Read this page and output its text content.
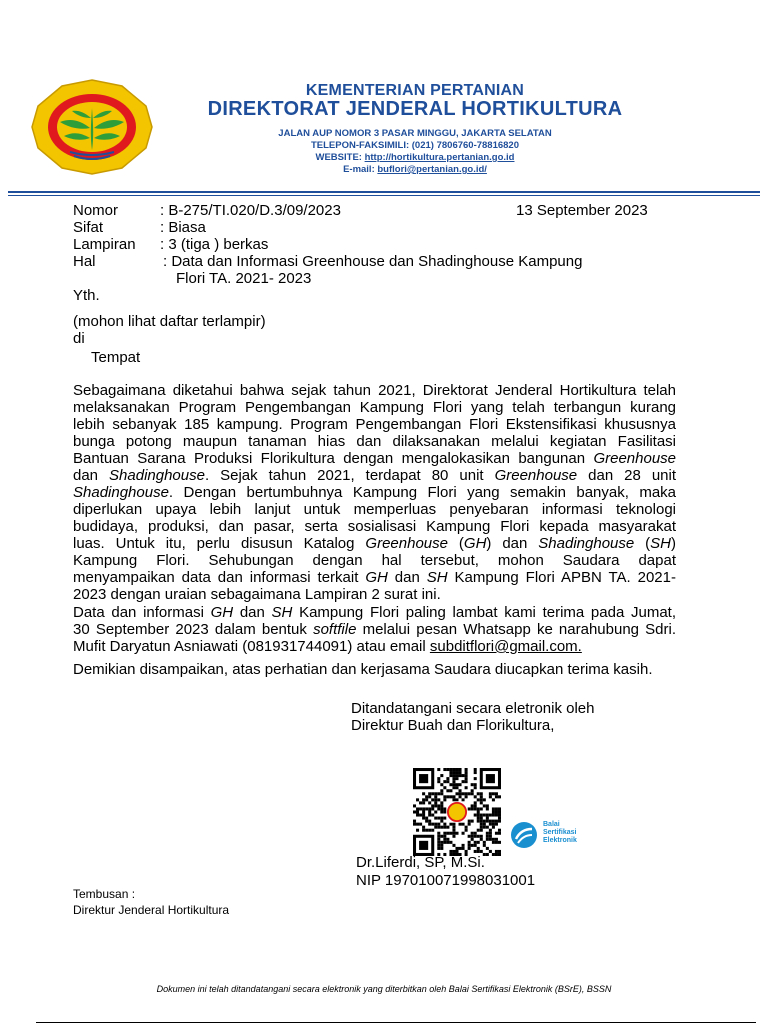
KEMENTERIAN PERTANIAN
DIREKTORAT JENDERAL HORTIKULTURA
JALAN AUP NOMOR 3 PASAR MINGGU, JAKARTA SELATAN
TELEPON-FAKSIMILI: (021) 7806760-78816820
WEBSITE: http://hortikultura.pertanian.go.id
E-mail: buflori@pertanian.go.id/
Nomor	: B-275/TI.020/D.3/09/2023	13 September 2023
Sifat	: Biasa
Lampiran : 3 (tiga ) berkas
Hal	: Data dan Informasi Greenhouse dan Shadinghouse Kampung
Flori TA. 2021- 2023
Yth.
(mohon lihat daftar terlampir)
di
Tempat
Sebagaimana diketahui bahwa sejak tahun 2021, Direktorat Jenderal Hortikultura telah
melaksanakan Program Pengembangan Kampung Flori yang telah terbangun kurang
lebih sebanyak 185 kampung. Program Pengembangan Flori Ekstensifikasi khususnya
bunga potong maupun tanaman hias dan dilaksanakan melalui kegiatan Fasilitasi
Bantuan Sarana Produksi Florikultura dengan mengalokasikan bangunan Greenhouse
dan Shadinghouse. Sejak tahun 2021, terdapat 80 unit Greenhouse dan 28 unit
Shadinghouse. Dengan bertumbuhnya Kampung Flori yang semakin banyak, maka
diperlukan upaya lebih lanjut untuk memperluas penyebaran informasi teknologi
budidaya, produksi, dan pasar, serta sosialisasi Kampung Flori kepada masyarakat
luas. Untuk itu, perlu disusun Katalog Greenhouse (GH) dan Shadinghouse (SH)
Kampung Flori. Sehubungan dengan hal tersebut, mohon Saudara dapat
menyampaikan data dan informasi terkait GH dan SH Kampung Flori APBN TA. 2021-
2023 dengan uraian sebagaimana Lampiran 2 surat ini.
Data dan informasi GH dan SH Kampung Flori paling lambat kami terima pada Jumat,
30 September 2023 dalam bentuk softfile melalui pesan Whatsapp ke narahubung Sdri.
Mufit Daryatun Asniawati (081931744091) atau email subditflori@gmail.com.
Demikian disampaikan, atas perhatian dan kerjasama Saudara diucapkan terima kasih.
Ditandatangani secara eletronik oleh
Direktur Buah dan Florikultura,
Balai
Sertifikasi
Elektronik
Dr.Liferdi, SP, M.Si.
NIP 197010071998031001
Tembusan :
Direktur Jenderal Hortikultura
Dokumen ini telah ditandatangani secara elektronik yang diterbitkan oleh Balai Sertifikasi Elektronik (BSrE), BSSN
